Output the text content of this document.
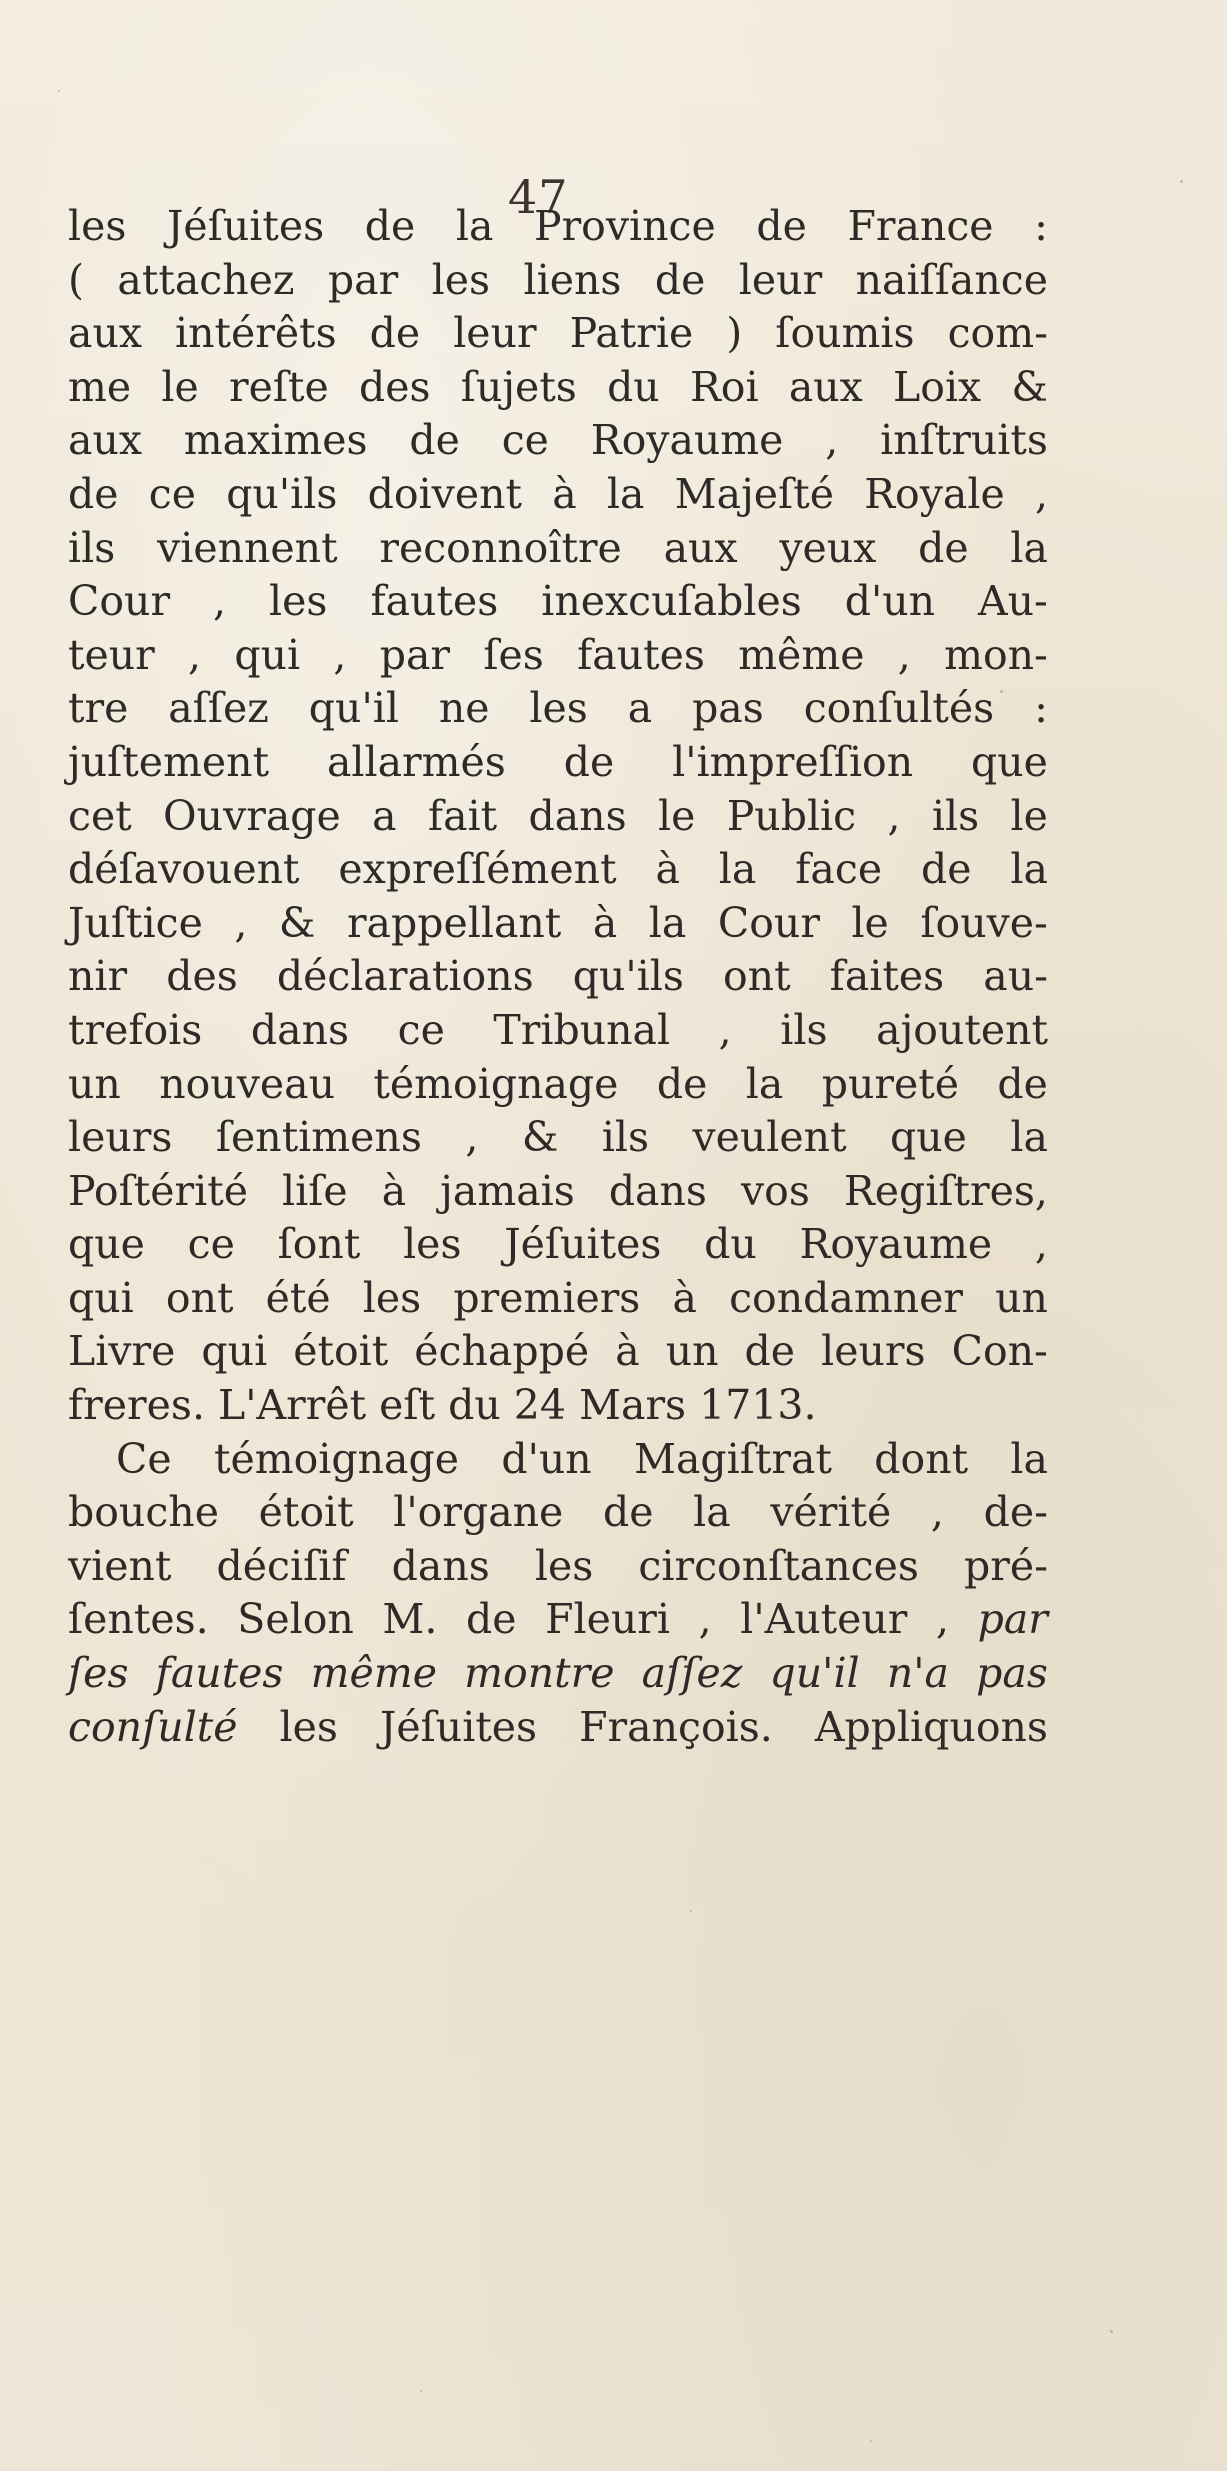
47
les Jéſuites de la Province de France :
( attachez par les liens de leur naiſſance
aux intérêts de leur Patrie ) ſoumis com-
me le reſte des ſujets du Roi aux Loix &
aux maximes de ce Royaume , inſtruits
de ce qu'ils doivent à la Majeſté Royale ,
ils viennent reconnoître aux yeux de la
Cour , les fautes inexcuſables d'un Au-
teur , qui , par ſes fautes même , mon-
tre aſſez qu'il ne les a pas conſultés :
juſtement allarmés de l'impreſſion que
cet Ouvrage a fait dans le Public , ils le
déſavouent expreſſément à la face de la
Juſtice , & rappellant à la Cour le ſouve-
nir des déclarations qu'ils ont faites au-
trefois dans ce Tribunal , ils ajoutent
un nouveau témoignage de la pureté de
leurs ſentimens , & ils veulent que la
Poſtérité liſe à jamais dans vos Regiſtres,
que ce ſont les Jéſuites du Royaume ,
qui ont été les premiers à condamner un
Livre qui étoit échappé à un de leurs Con-
freres. L'Arrêt eſt du 24 Mars 1713.
Ce témoignage d'un Magiſtrat dont la
bouche étoit l'organe de la vérité , de-
vient déciſif dans les circonſtances pré-
ſentes. Selon M. de Fleuri , l'Auteur , par
ſes fautes même montre aſſez qu'il n'a pas
conſulté les Jéſuites François. Appliquons
